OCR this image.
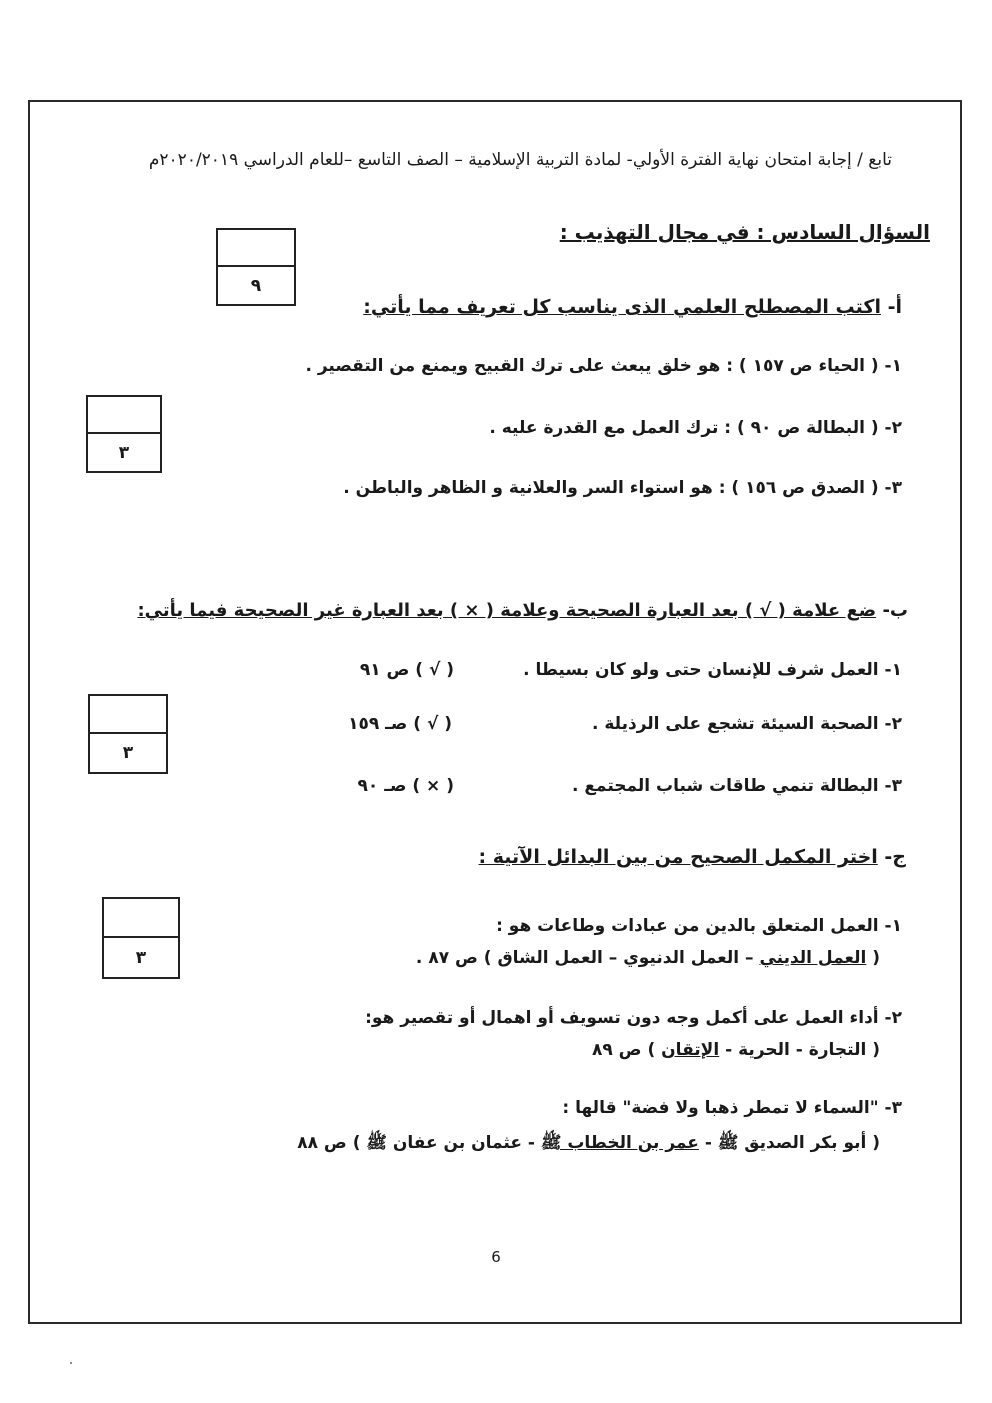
تابع / إجابة امتحان نهاية الفترة الأولي- لمادة التربية الإسلامية – الصف التاسع –للعام الدراسي ٢٠٢٠/٢٠١٩م
السؤال السادس : في مجال التهذيب :
٩
أ- اكتب المصطلح العلمي الذى يناسب كل تعريف مما يأتي:
٣
١- ( الحياء ص ١٥٧ ) : هو خلق يبعث على ترك القبيح ويمنع من التقصير .
٢- ( البطالة ص ٩٠ ) : ترك العمل مع القدرة عليه .
٣- ( الصدق ص ١٥٦ ) : هو استواء السر والعلانية و الظاهر والباطن .
ب- ضع علامة ( √ ) بعد العبارة الصحيحة وعلامة ( × ) بعد العبارة غير الصحيحة فيما يأتي:
٣
١- العمل شرف للإنسان حتى ولو كان بسيطا .
( √ ) ص ٩١
٢- الصحبة السيئة تشجع على الرذيلة .
( √ ) صـ ١٥٩
٣- البطالة تنمي طاقات شباب المجتمع .
( × ) صـ ٩٠
ج- اختر المكمل الصحيح من بين البدائل الآتية :
٣
١- العمل المتعلق بالدين من عبادات وطاعات هو :
( العمل الديني – العمل الدنيوي – العمل الشاق ) ص ٨٧ .
٢- أداء العمل على أكمل وجه دون تسويف أو اهمال أو تقصير هو:
( التجارة - الحرية - الإتقان ) ص ٨٩
٣- "السماء لا تمطر ذهبا ولا فضة" قالها :
( أبو بكر الصديق ﷺ - عمر بن الخطاب ﷺ - عثمان بن عفان ﷺ ) ص ٨٨
6
